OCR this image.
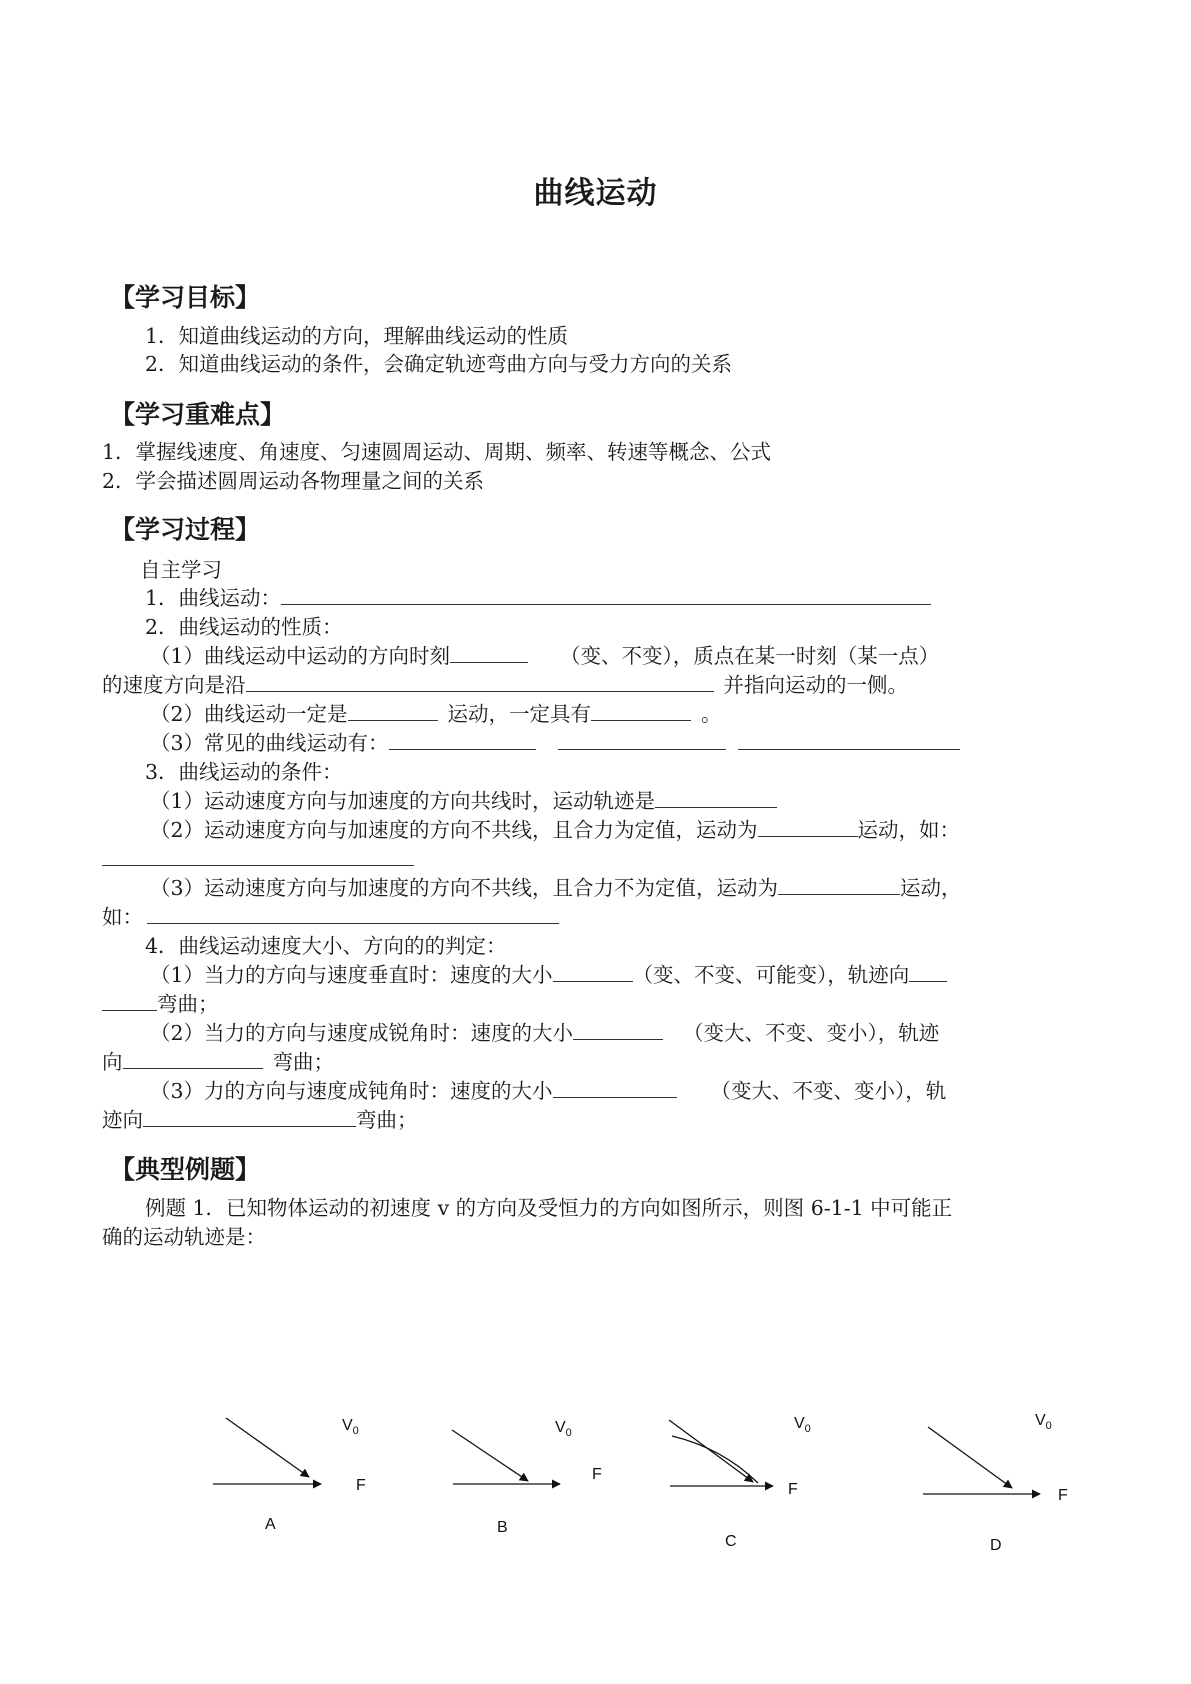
曲线运动
【学习目标】
1．知道曲线运动的方向，理解曲线运动的性质
2．知道曲线运动的条件，会确定轨迹弯曲方向与受力方向的关系
【学习重难点】
1．掌握线速度、角速度、匀速圆周运动、周期、频率、转速等概念、公式
2．学会描述圆周运动各物理量之间的关系
【学习过程】
自主学习
1．曲线运动：
2．曲线运动的性质：
（1）曲线运动中运动的方向时刻	（变、不变），质点在某一时刻（某一点）
的速度方向是沿	并指向运动的一侧。
（2）曲线运动一定是	运动，一定具有	。
（3）常见的曲线运动有：
3．曲线运动的条件：
（1）运动速度方向与加速度的方向共线时，运动轨迹是
（2）运动速度方向与加速度的方向不共线，且合力为定值，运动为	运动，如：
（3）运动速度方向与加速度的方向不共线，且合力不为定值，运动为	运动，
如：
4．曲线运动速度大小、方向的的判定：
（1）当力的方向与速度垂直时：速度的大小	（变、不变、可能变），轨迹向
弯曲；
（2）当力的方向与速度成锐角时：速度的大小	（变大、不变、变小），轨迹
向	弯曲；
（3）力的方向与速度成钝角时：速度的大小	（变大、不变、变小），轨
迹向	弯曲；
【典型例题】
例题 1．已知物体运动的初速度 v 的方向及受恒力的方向如图所示，则图 6-1-1 中可能正
确的运动轨迹是：
$V_0$
F
A
$V_0$
F
B
$V_0$
F
C
$V_0$
F
D
